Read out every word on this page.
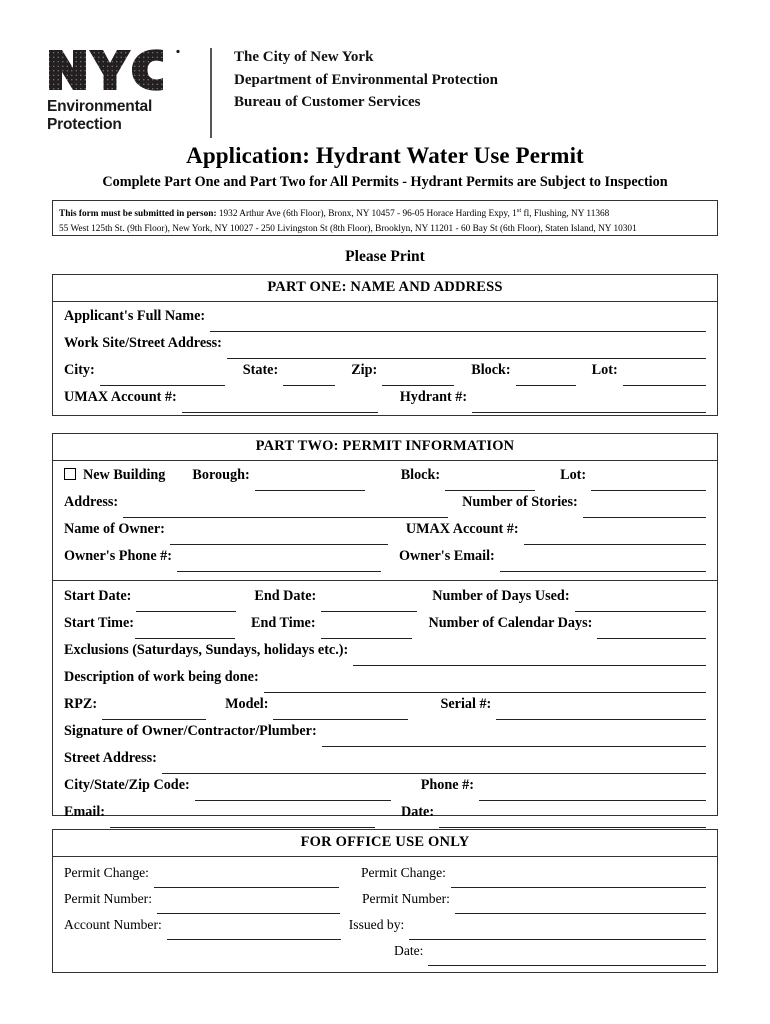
Environmental
Protection
The City of New York
Department of Environmental Protection
Bureau of Customer Services
Application: Hydrant Water Use Permit
Complete Part One and Part Two for All Permits - Hydrant Permits are Subject to Inspection
This form must be submitted in person: 1932 Arthur Ave (6th Floor), Bronx, NY 10457 - 96-05 Horace Harding Expy, 1st fl, Flushing, NY 11368
55 West 125th St. (9th Floor), New York, NY 10027 - 250 Livingston St (8th Floor), Brooklyn, NY 11201 - 60 Bay St (6th Floor), Staten Island, NY 10301
Please Print
PART ONE: NAME AND ADDRESS
Applicant's Full Name:
Work Site/Street Address:
City:	State:	Zip:	Block:	Lot:
UMAX Account #:	Hydrant #:
PART TWO: PERMIT INFORMATION
New Building Borough:	Block:	Lot:
Address:	Number of Stories:
Name of Owner:	UMAX Account #:
Owner's Phone #:	Owner's Email:
Start Date:	End Date:	Number of Days Used:
Start Time:	End Time:	Number of Calendar Days:
Exclusions (Saturdays, Sundays, holidays etc.):
Description of work being done:
RPZ:	Model:	Serial #:
Signature of Owner/Contractor/Plumber:
Street Address:
City/State/Zip Code:	Phone #:
Email:	Date:
FOR OFFICE USE ONLY
Permit Change:	Permit Change:
Permit Number:	Permit Number:
Account Number:	Issued by:
Date:
